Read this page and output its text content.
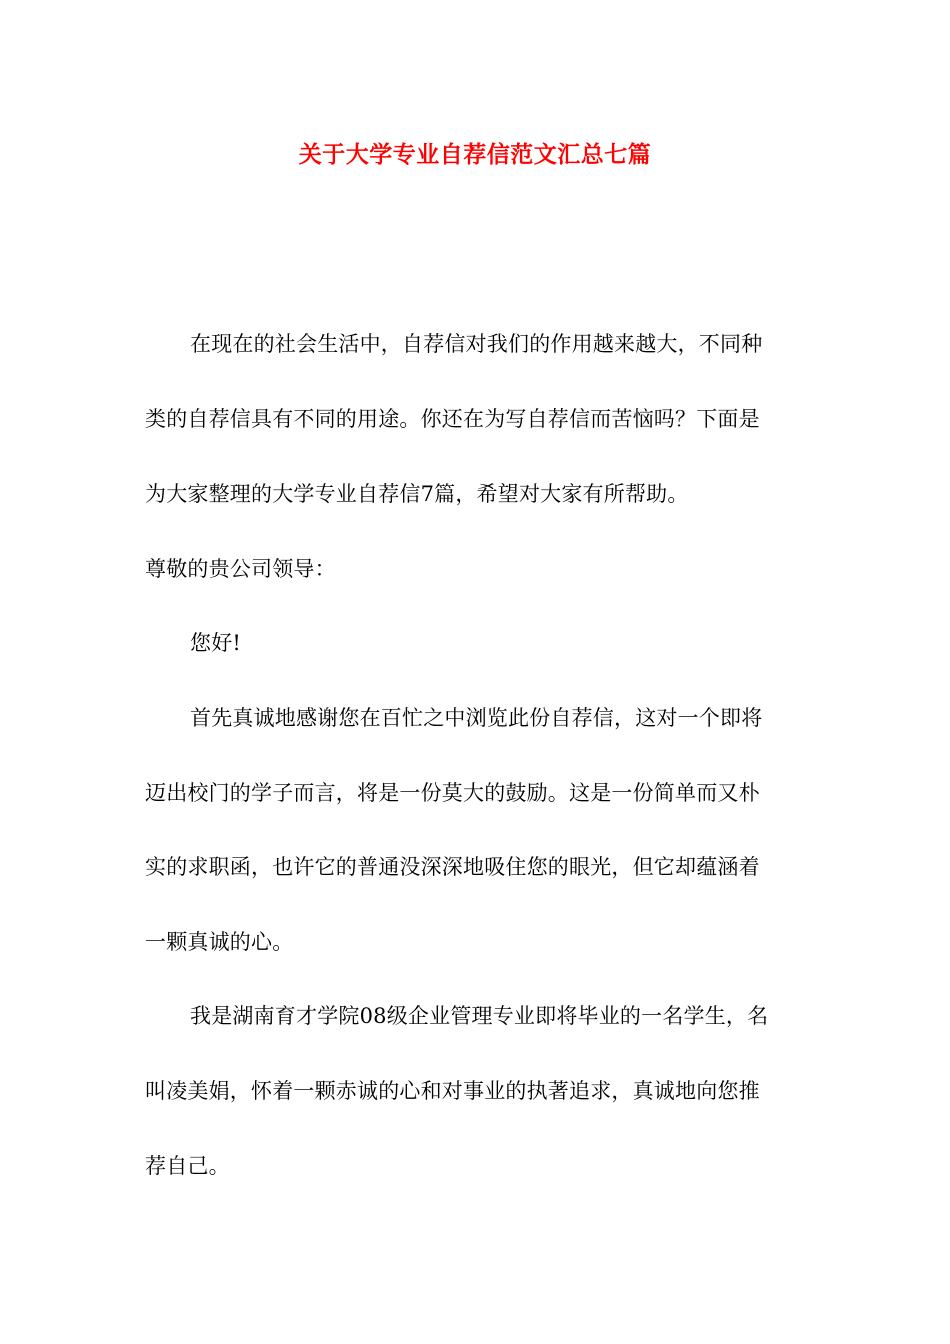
关于大学专业自荐信范文汇总七篇
在现在的社会生活中，自荐信对我们的作用越来越大，不同种
类的自荐信具有不同的用途。你还在为写自荐信而苦恼吗？下面是
为大家整理的大学专业自荐信7篇，希望对大家有所帮助。
尊敬的贵公司领导：
您好!
首先真诚地感谢您在百忙之中浏览此份自荐信，这对一个即将
迈出校门的学子而言，将是一份莫大的鼓励。这是一份简单而又朴
实的求职函，也许它的普通没深深地吸住您的眼光，但它却蕴涵着
一颗真诚的心。
我是湖南育才学院08级企业管理专业即将毕业的一名学生，名
叫凌美娟，怀着一颗赤诚的心和对事业的执著追求，真诚地向您推
荐自己。
